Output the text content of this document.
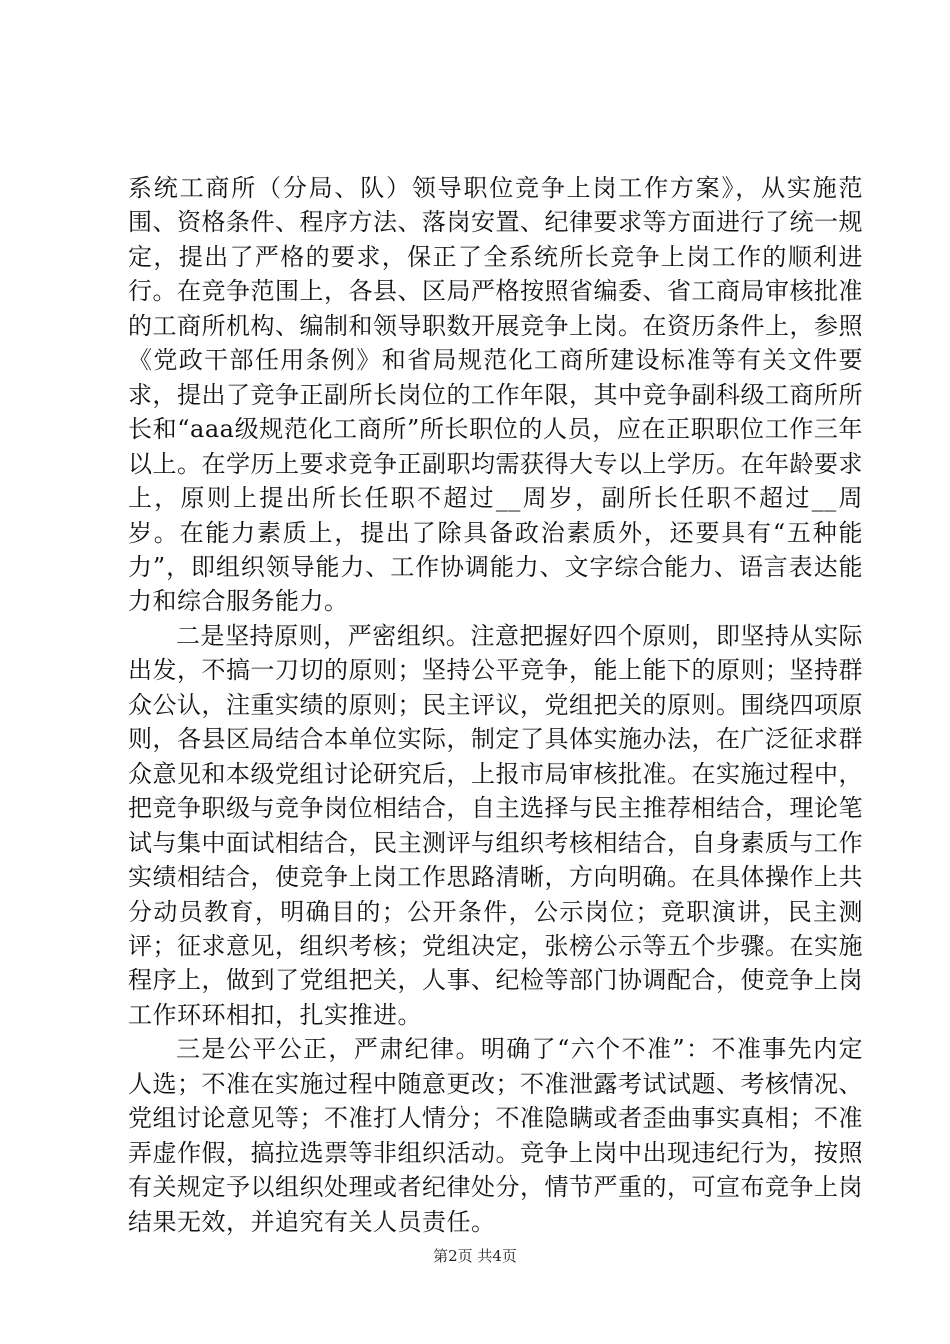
系统工商所（分局、队）领导职位竞争上岗工作方案》，从实施范围、资格条件、程序方法、落岗安置、纪律要求等方面进行了统一规定，提出了严格的要求，保正了全系统所长竞争上岗工作的顺利进行。在竞争范围上，各县、区局严格按照省编委、省工商局审核批准的工商所机构、编制和领导职数开展竞争上岗。在资历条件上，参照《党政干部任用条例》和省局规范化工商所建设标准等有关文件要求，提出了竞争正副所长岗位的工作年限，其中竞争副科级工商所所长和“aaa级规范化工商所”所长职位的人员，应在正职职位工作三年以上。在学历上要求竞争正副职均需获得大专以上学历。在年龄要求上，原则上提出所长任职不超过__周岁，副所长任职不超过__周岁。在能力素质上，提出了除具备政治素质外，还要具有“五种能力”，即组织领导能力、工作协调能力、文字综合能力、语言表达能力和综合服务能力。

二是坚持原则，严密组织。注意把握好四个原则，即坚持从实际出发，不搞一刀切的原则；坚持公平竞争，能上能下的原则；坚持群众公认，注重实绩的原则；民主评议，党组把关的原则。围绕四项原则，各县区局结合本单位实际，制定了具体实施办法，在广泛征求群众意见和本级党组讨论研究后，上报市局审核批准。在实施过程中，把竞争职级与竞争岗位相结合，自主选择与民主推荐相结合，理论笔试与集中面试相结合，民主测评与组织考核相结合，自身素质与工作实绩相结合，使竞争上岗工作思路清晰，方向明确。在具体操作上共分动员教育，明确目的；公开条件，公示岗位；竞职演讲，民主测评；征求意见，组织考核；党组决定，张榜公示等五个步骤。在实施程序上，做到了党组把关，人事、纪检等部门协调配合，使竞争上岗工作环环相扣，扎实推进。

三是公平公正，严肃纪律。明确了“六个不准”：不准事先内定人选；不准在实施过程中随意更改；不准泄露考试试题、考核情况、党组讨论意见等；不准打人情分；不准隐瞒或者歪曲事实真相；不准弄虚作假，搞拉选票等非组织活动。竞争上岗中出现违纪行为，按照有关规定予以组织处理或者纪律处分，情节严重的，可宣布竞争上岗结果无效，并追究有关人员责任。

第2页 共4页
